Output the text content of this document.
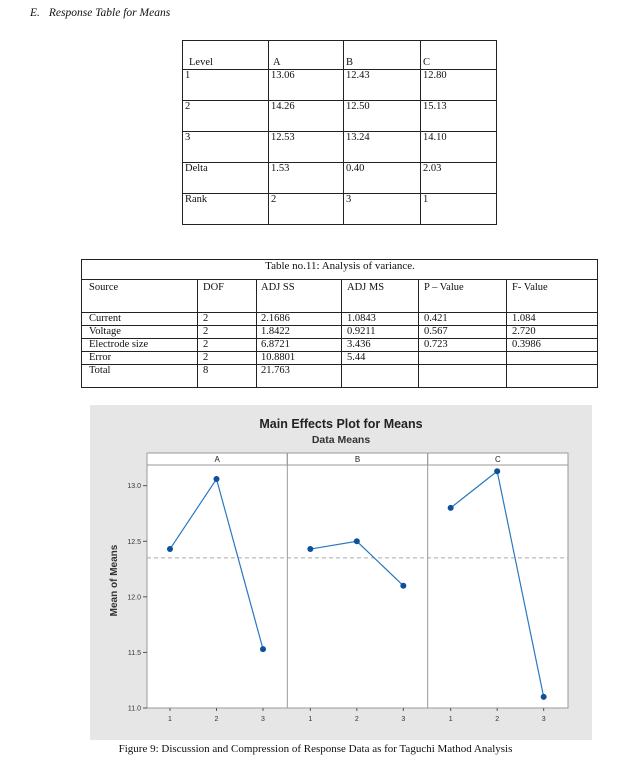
E. Response Table for Means
Level	A	B	C
1	13.06	12.43	12.80
2	14.26	12.50	15.13
3	12.53	13.24	14.10
Delta	1.53	0.40	2.03
Rank	2	3	1
Source	DOF	ADJ SS	ADJ MS	P – Value	F- Value
Current	2	2.1686	1.0843	0.421	1.084
Voltage	2	1.8422	0.9211	0.567	2.720
Electrode size	2	6.8721	3.436	0.723	0.3986
Error	2	10.8801	5.44
Total	8	21.763
Table no.11: Analysis of variance.
Main Effects Plot for Means
Data Means
13.0
12.5
12.0
11.5
11.0
Mean of Means
A
1	2	3
B
1	2	3
C
1	2	3
Figure 9: Discussion and Compression of Response Data as for Taguchi Mathod Analysis
